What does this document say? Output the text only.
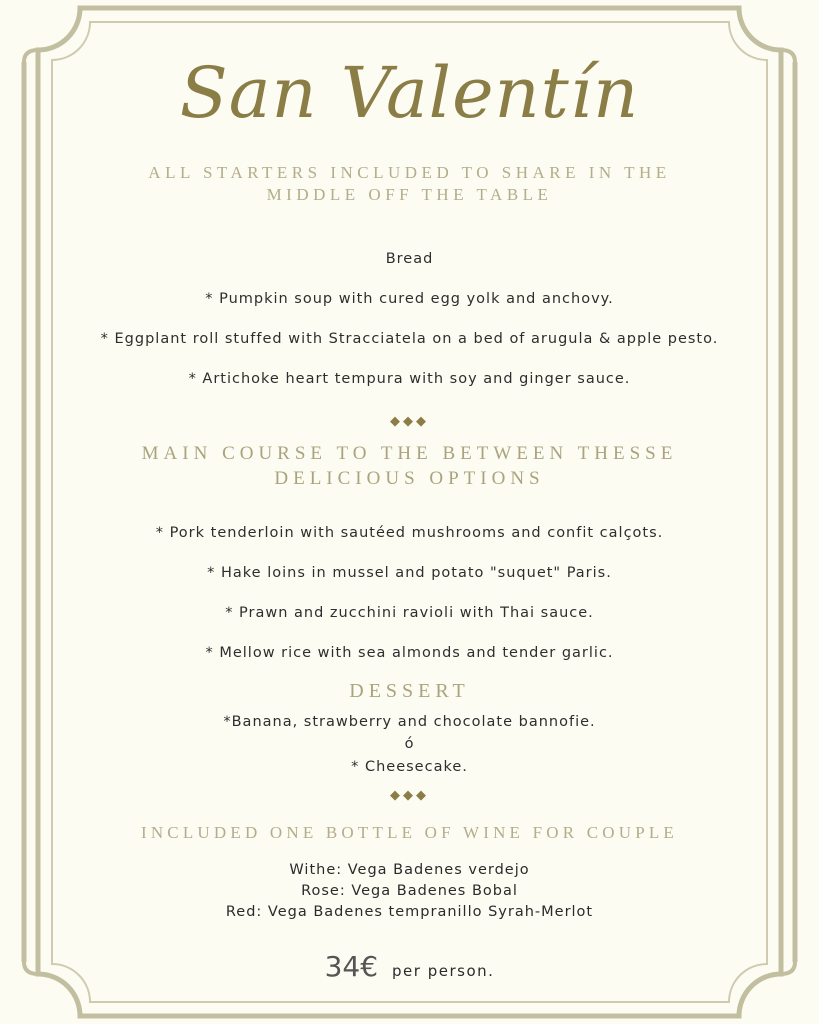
San Valentín
ALL STARTERS INCLUDED TO SHARE IN THE MIDDLE OFF THE TABLE
Bread
* Pumpkin soup with cured egg yolk and anchovy.
* Eggplant roll stuffed with Stracciatela on a bed of arugula & apple pesto.
* Artichoke heart tempura with soy and ginger sauce.
◆◆◆
MAIN COURSE TO THE BETWEEN THESSE DELICIOUS OPTIONS
* Pork tenderloin with sautéed mushrooms and confit calçots.
* Hake loins in mussel and potato "suquet" Paris.
* Prawn and zucchini ravioli with Thai sauce.
* Mellow rice with sea almonds and tender garlic.
DESSERT
*Banana, strawberry and chocolate bannofie.
ó
* Cheesecake.
◆◆◆
INCLUDED ONE BOTTLE OF WINE FOR COUPLE
Withe: Vega Badenes verdejo
Rose: Vega Badenes Bobal
Red: Vega Badenes tempranillo Syrah-Merlot
34€ per person.
